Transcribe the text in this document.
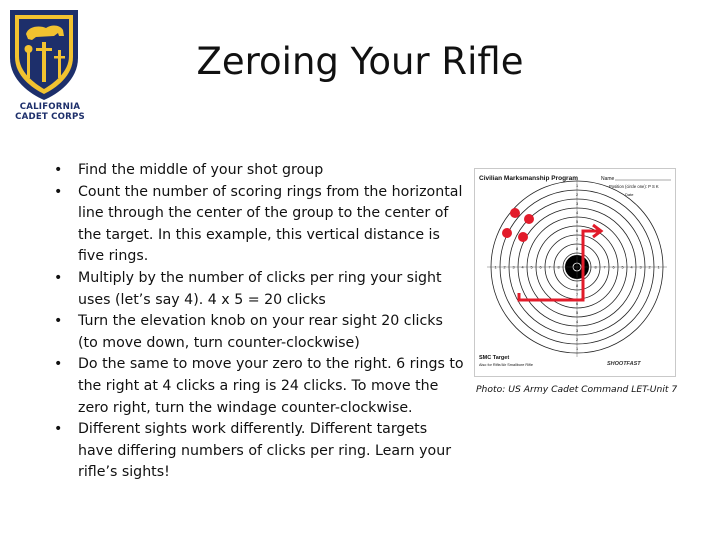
CALIFORNIA
CADET CORPS
Zeroing Your Rifle
• Find the middle of your shot group
• Count the number of scoring rings from the horizontal line through the center of the group to the center of the target. In this example, this vertical distance is five rings.
• Multiply by the number of clicks per ring your sight uses (let’s say 4). 4 x 5 = 20 clicks
• Turn the elevation knob on your rear sight 20 clicks (to move down, turn counter-clockwise)
• Do the same to move your zero to the right. 6 rings to the right at 4 clicks a ring is 24 clicks. To move the zero right, turn the windage counter-clockwise.
• Different sights work differently. Different targets have differing numbers of clicks per ring. Learn your rifle’s sights!
Civilian Marksmanship Program	Name
Position (circle one): P S K
Date
1
1
1	1
2
2
2	2
3
3
3	3
4
4
4	4
5
5
5	5
6
6
6	6
7
7
7	7
8
8
8	8
9
9
9	9
SMC Target
Also for Rifle/Air Smallbore Rifle	SHOOTFAST
Photo: US Army Cadet Command LET-Unit 7
